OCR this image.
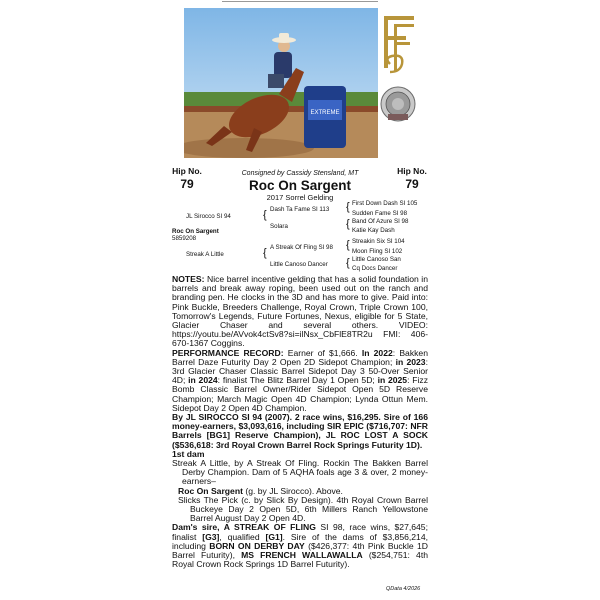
EXTREME
Hip No.
79
Hip No.
79
Consigned by Cassidy Stensland, MT
Roc On Sargent
2017 Sorrel Gelding
JL Sirocco SI 94
Roc On Sargent
5859208
Streak A Little
{ Dash Ta Fame SI 113
Solara
{ A Streak Of Fling SI 98
Little Canoso Dancer
{ First Down Dash SI 105
Sudden Fame SI 98
{ Band Of Azure SI 98
Katie Kay Dash
{ Streakin Six SI 104
Moon Fling SI 102
{ Little Canoso San
Cq Docs Dancer

NOTES: Nice barrel incentive gelding that has a solid foundation in barrels and break away roping, been used out on the ranch and branding pen. He clocks in the 3D and has more to give. Paid into: Pink Buckle, Breeders Challenge, Royal Crown, Triple Crown 100, Tomorrow's Legends, Future Fortunes, Nexus, eligible for 5 State, Glacier Chaser and several others. VIDEO: https://youtu.be/AVvok4ctSv8?si=ilNsx_CbFlE8TR2u FMI: 406-670-1367 Coggins.

PERFORMANCE RECORD: Earner of $1,666. In 2022: Bakken Barrel Daze Futurity Day 2 Open 2D Sidepot Champion; in 2023: 3rd Glacier Chaser Classic Barrel Sidepot Day 3 50-Over Senior 4D; in 2024: finalist The Blitz Barrel Day 1 Open 5D; in 2025: Fizz Bomb Classic Barrel Owner/Rider Sidepot Open 5D Reserve Champion; March Magic Open 4D Champion; Lynda Ottun Mem. Sidepot Day 2 Open 4D Champion.

By JL SIROCCO SI 94 (2007). 2 race wins, $16,295. Sire of 166 money-earners, $3,093,616, including SIR EPIC ($716,707: NFR Barrels [BG1] Reserve Champion), JL ROC LOST A SOCK ($536,618: 3rd Royal Crown Barrel Rock Springs Futurity 1D).

1st dam

Streak A Little, by A Streak Of Fling. Rockin The Bakken Barrel Derby Champion. Dam of 5 AQHA foals age 3 & over, 2 money-earners–

Roc On Sargent (g. by JL Sirocco). Above.

Slicks The Pick (c. by Slick By Design). 4th Royal Crown Barrel Buckeye Day 2 Open 5D, 6th Millers Ranch Yellowstone Barrel August Day 2 Open 4D.

Dam's sire, A STREAK OF FLING SI 98, race wins, $27,645; finalist [G3], qualified [G1]. Sire of the dams of $3,856,214, including BORN ON DERBY DAY ($426,377: 4th Pink Buckle 1D Barrel Futurity), MS FRENCH WALLAWALLA ($254,751: 4th Royal Crown Rock Springs 1D Barrel Futurity).

QData 4/2026
